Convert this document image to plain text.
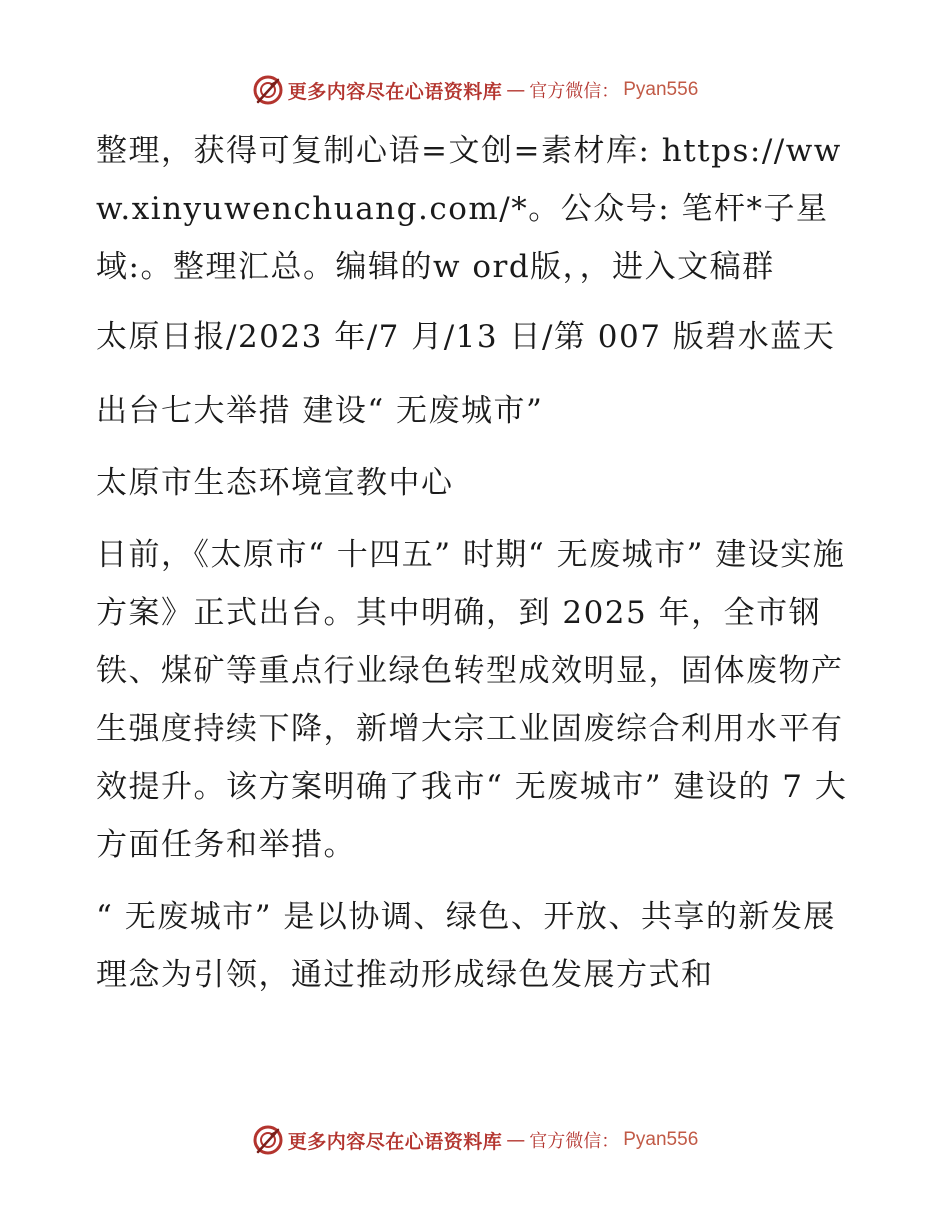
更多内容尽在心语资料库 — 官方微信： Pyan556

整理，获得可复制心语=文创=素材库: https://www.xinyuwenchuang.com/*。公众号: 笔杆*子星域:。整理汇总。编辑的w ord版，，进入文稿群

太原日报/2023 年/7 月/13 日/第 007 版碧水蓝天

出台七大举措 建设“ 无废城市”

太原市生态环境宣教中心

日前，《太原市“ 十四五” 时期“ 无废城市” 建设实施方案》正式出台。其中明确，到 2025 年，全市钢铁、煤矿等重点行业绿色转型成效明显，固体废物产生强度持续下降，新增大宗工业固废综合利用水平有效提升。该方案明确了我市“ 无废城市” 建设的 7 大方面任务和举措。

“ 无废城市” 是以协调、绿色、开放、共享的新发展理念为引领，通过推动形成绿色发展方式和

更多内容尽在心语资料库 — 官方微信： Pyan556
